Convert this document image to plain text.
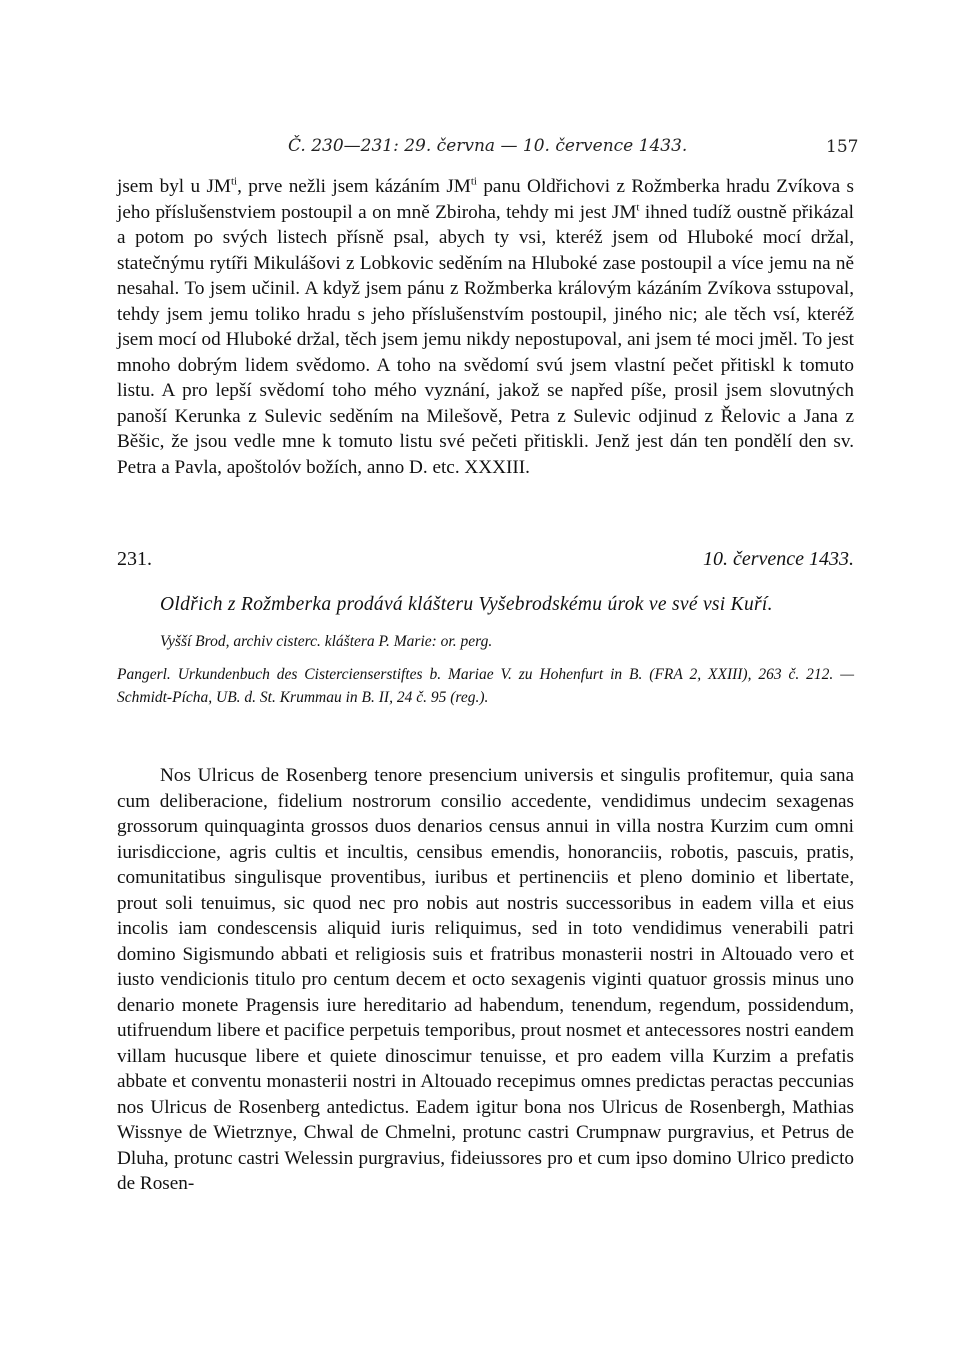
Č. 230—231: 29. června — 10. července 1433.	157

jsem byl u $JM^{ti}$, prve nežli jsem kázáním $JM^{ti}$ panu Oldřichovi z Rožmberka hradu Zvíkova s jeho příslušenstviem postoupil a on mně Zbiroha, tehdy mi jest $JM^t$ ihned tudíž oustně přikázal a potom po svých listech přísně psal, abych ty vsi, kteréž jsem od Hluboké mocí držal, statečnýmu rytíři Mikulášovi z Lobkovic seděním na Hluboké zase postoupil a více jemu na ně nesahal. To jsem učinil. A když jsem pánu z Rožmberka královým kázáním Zvíkova sstupoval, tehdy jsem jemu toliko hradu s jeho příslušenstvím postoupil, jiného nic; ale těch vsí, kteréž jsem mocí od Hluboké držal, těch jsem jemu nikdy nepostupoval, ani jsem té moci jměl. To jest mnoho dobrým lidem svědomo. A toho na svědomí svú jsem vlastní pečet přitiskl k tomuto listu. A pro lepší svědomí toho mého vyznání, jakož se napřed píše, prosil jsem slovutných panoší Kerunka z Sulevic seděním na Milešově, Petra z Sulevic odjinud z Řelovic a Jana z Běšic, že jsou vedle mne k tomuto listu své pečeti přitiskli. Jenž jest dán ten pondělí den sv. Petra a Pavla, apoštolóv božích, anno D. etc. XXXIII.

231.	10. července 1433.
Oldřich z Rožmberka prodává klášteru Vyšebrodskému úrok ve své vsi Kuří.
Vyšší Brod, archiv cisterc. kláštera P. Marie: or. perg.
Pangerl. Urkundenbuch des Cistercienserstiftes b. Mariae V. zu Hohenfurt in B. (FRA 2, XXIII), 263 č. 212. — Schmidt-Pícha, UB. d. St. Krummau in B. II, 24 č. 95 (reg.).

Nos Ulricus de Rosenberg tenore presencium universis et singulis profitemur, quia sana cum deliberacione, fidelium nostrorum consilio accedente, vendidimus undecim sexagenas grossorum quinquaginta grossos duos denarios census annui in villa nostra Kurzim cum omni iurisdiccione, agris cultis et incultis, censibus emendis, honoranciis, robotis, pascuis, pratis, comunitatibus singulisque proventibus, iuribus et pertinenciis et pleno dominio et libertate, prout soli tenuimus, sic quod nec pro nobis aut nostris successoribus in eadem villa et eius incolis iam condescensis aliquid iuris reliquimus, sed in toto vendidimus venerabili patri domino Sigismundo abbati et religiosis suis et fratribus monasterii nostri in Altouado vero et iusto vendicionis titulo pro centum decem et octo sexagenis viginti quatuor grossis minus uno denario monete Pragensis iure hereditario ad habendum, tenendum, regendum, possidendum, utifruendum libere et pacifice perpetuis temporibus, prout nosmet et antecessores nostri eandem villam hucusque libere et quiete dinoscimur tenuisse, et pro eadem villa Kurzim a prefatis abbate et conventu monasterii nostri in Altouado recepimus omnes predictas peractas peccunias nos Ulricus de Rosenberg antedictus. Eadem igitur bona nos Ulricus de Rosenbergh, Mathias Wissnye de Wietrznye, Chwal de Chmelni, protunc castri Crumpnaw purgravius, et Petrus de Dluha, protunc castri Welessin purgravius, fideiussores pro et cum ipso domino Ulrico predicto de Rosen-
